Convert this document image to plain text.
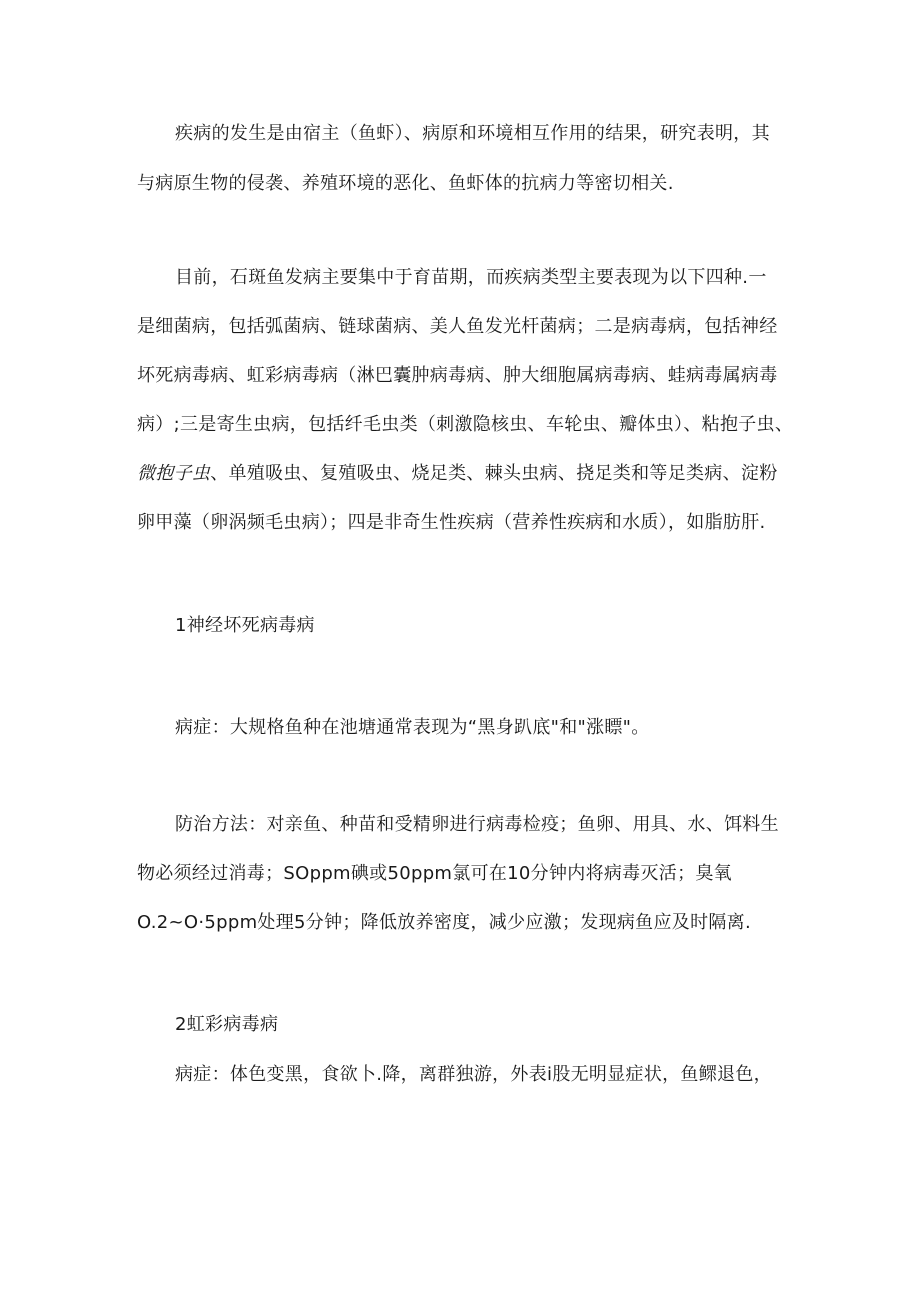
疾病的发生是由宿主（鱼虾）、病原和环境相互作用的结果，研究表明，其
与病原生物的侵袭、养殖环境的恶化、鱼虾体的抗病力等密切相关.
目前，石斑鱼发病主要集中于育苗期，而疾病类型主要表现为以下四种.一
是细菌病，包括弧菌病、链球菌病、美人鱼发光杆菌病；二是病毒病，包括神经
坏死病毒病、虹彩病毒病（淋巴囊肿病毒病、肿大细胞属病毒病、蛙病毒属病毒
病）;三是寄生虫病，包括纤毛虫类（刺激隐核虫、车轮虫、瓣体虫）、粘抱子虫、
微抱子虫、单殖吸虫、复殖吸虫、烧足类、棘头虫病、挠足类和等足类病、淀粉
卵甲藻（卵涡频毛虫病）；四是非奇生性疾病（营养性疾病和水质），如脂肪肝.
1神经坏死病毒病
病症：大规格鱼种在池塘通常表现为“黑身趴底"和"涨瞟"。
防治方法：对亲鱼、种苗和受精卵进行病毒检疫；鱼卵、用具、水、饵料生
物必须经过消毒；SOppm碘或50ppm氯可在10分钟内将病毒灭活；臭氧
O.2~O·5ppm处理5分钟；降低放养密度，减少应激；发现病鱼应及时隔离.
2虹彩病毒病
病症：体色变黑，食欲卜.降，离群独游，外表i股无明显症状，鱼鳏退色，
